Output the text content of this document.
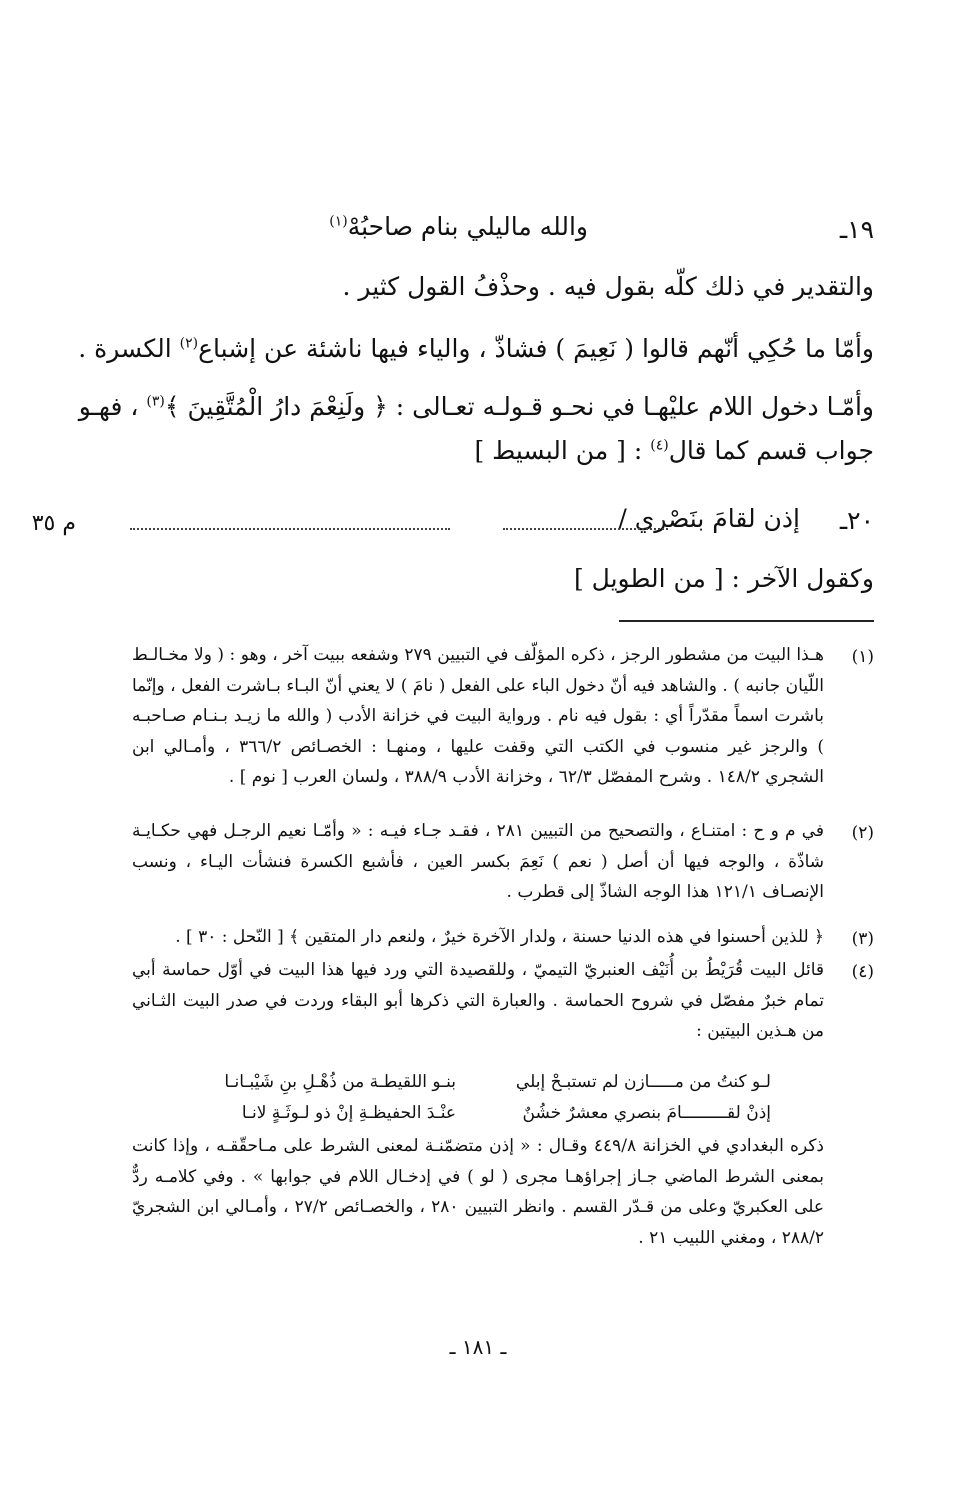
١٩ـ
والله ماليلي بنام صاحبُهْ$^{(١)}$
والتقدير في ذلك كلّه بقول فيه . وحذْفُ القول كثير .
وأمّا ما حُكِي أنّهم قالوا ( نَعِيمَ ) فشاذّ ، والياء فيها ناشئة عن إشباع$^{(٢)}$ الكسرة .
وأمّـا دخول اللام عليْهـا في نحـو قـولـه تعـالى : ﴿ ولَنِعْمَ دارُ الْمُتَّقِينَ ﴾$^{(٣)}$ ، فهـو
جواب قسم كما قال$^{(٤)}$ : [ من البسيط ]
م ٣٥	٢٠ـ
إذن لقامَ بنَصْري /
وكقول الآخر : [ من الطويل ]
(١)
هـذا البيت من مشطور الرجز ، ذكره المؤلّف في التبيين ٢٧٩ وشفعه ببيت آخر ، وهو : ( ولا مخـالـط اللّيان جانبه ) . والشاهد فيه أنّ دخول الباء على الفعل ( نامَ ) لا يعني أنّ البـاء بـاشرت الفعل ، وإنّما باشرت اسماً مقدّراً أي : بقول فيه نام . ورواية البيت في خزانة الأدب ( والله ما زيـد بـنـام صـاحبـه ) والرجز غير منسوب في الكتب التي وقفت عليها ، ومنهـا : الخصـائص ٣٦٦/٢ ، وأمـالي ابن الشجري ١٤٨/٢ . وشرح المفصّل ٦٢/٣ ، وخزانة الأدب ٣٨٨/٩ ، ولسان العرب [ نوم ] .
(٢)
في م و ح : امتنـاع ، والتصحيح من التبيين ٢٨١ ، فقـد جـاء فيـه : « وأمّـا نعيم الرجـل فهي حكـايـة شاذّة ، والوجه فيها أن أصل ( نعم ) نَعِمَ بكسر العين ، فأشبع الكسرة فنشأت اليـاء ، ونسب الإنصـاف ١٢١/١ هذا الوجه الشاذّ إلى قطرب .
(٣)
﴿ للذين أحسنوا في هذه الدنيا حسنة ، ولدار الآخرة خيرٌ ، ولنعم دار المتقين ﴾ [ النّحل : ٣٠ ] .
(٤)
قائل البيت قُرَيْطُ بن أُنَيْف العنبريّ التيميّ ، وللقصيدة التي ورد فيها هذا البيت في أوّل حماسة أبي تمام خبرٌ مفصّل في شروح الحماسة . والعبارة التي ذكرها أبو البقاء وردت في صدر البيت الثـاني من هـذين البيتين :
لـو كنتُ من مـــــازن لم تستبـحْ إبلي
بنـو اللقيطـة من ذُهْـلِ بنِ شَيْبـانـا
إذنْ لقـــــــــامَ بنصري معشرٌ خشُنٌ
عنْـدَ الحفيظـةِ إنْ ذو لـوثَـةٍ لانـا
ذكره البغدادي في الخزانة ٤٤٩/٨ وقـال : « إذن متضمّنـة لمعنى الشرط على مـاحقّقـه ، وإذا كانت بمعنى الشرط الماضي جـاز إجراؤهـا مجرى ( لو ) في إدخـال اللام في جوابها » . وفي كلامـه ردٌّ على العكبريّ وعلى من قـدّر القسم . وانظر التبيين ٢٨٠ ، والخصـائص ٢٧/٢ ، وأمـالي ابن الشجريّ ٢٨٨/٢ ، ومغني اللبيب ٢١ .
ـ ١٨١ ـ
